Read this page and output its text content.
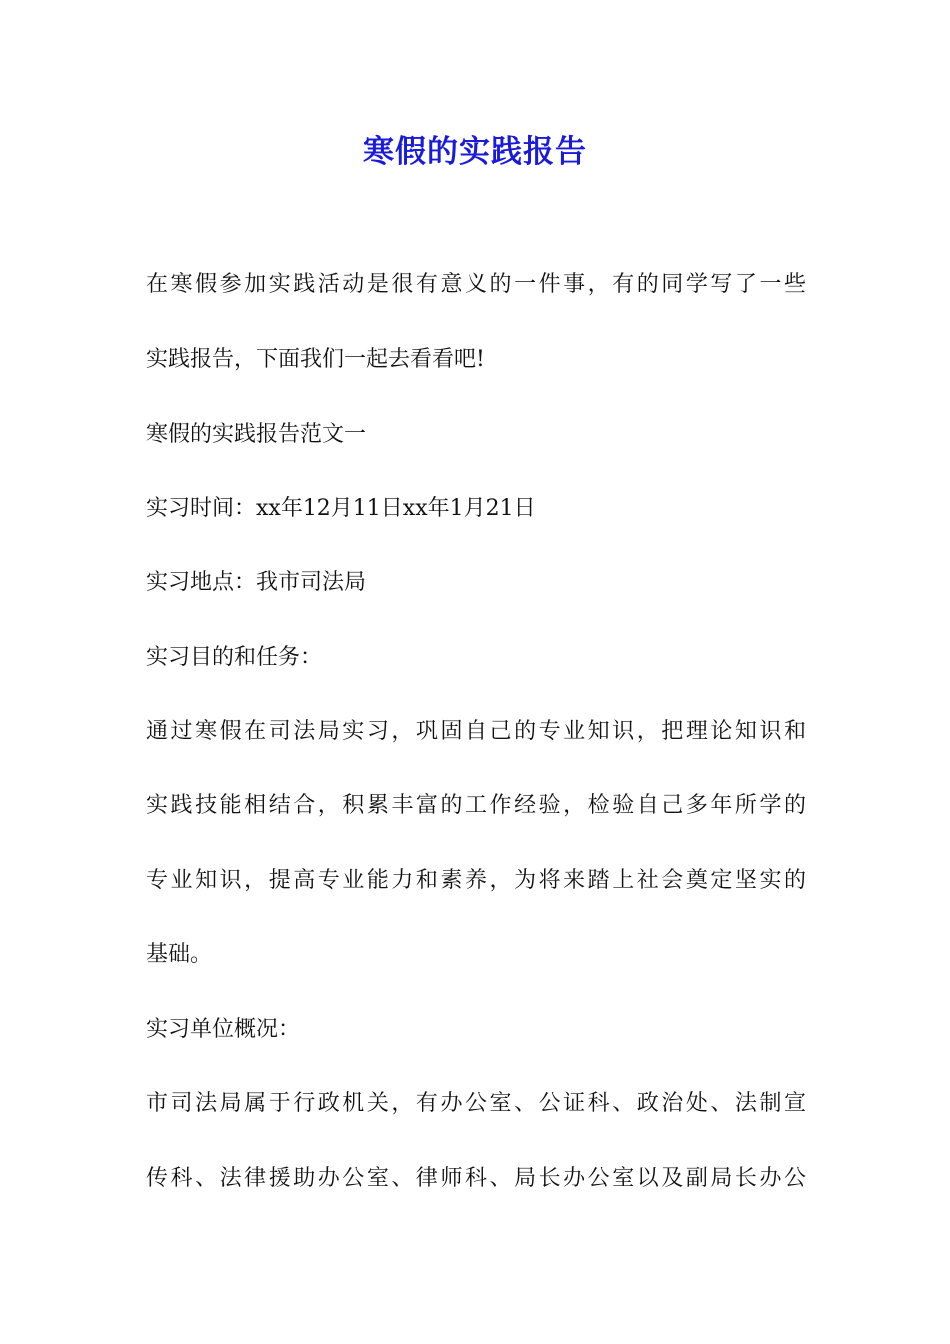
寒假的实践报告
在寒假参加实践活动是很有意义的一件事，有的同学写了一些
实践报告，下面我们一起去看看吧!
寒假的实践报告范文一
实习时间：xx年12月11日xx年1月21日
实习地点：我市司法局
实习目的和任务：
通过寒假在司法局实习，巩固自己的专业知识，把理论知识和
实践技能相结合，积累丰富的工作经验，检验自己多年所学的
专业知识，提高专业能力和素养，为将来踏上社会奠定坚实的
基础。
实习单位概况：
市司法局属于行政机关，有办公室、公证科、政治处、法制宣
传科、法律援助办公室、律师科、局长办公室以及副局长办公
